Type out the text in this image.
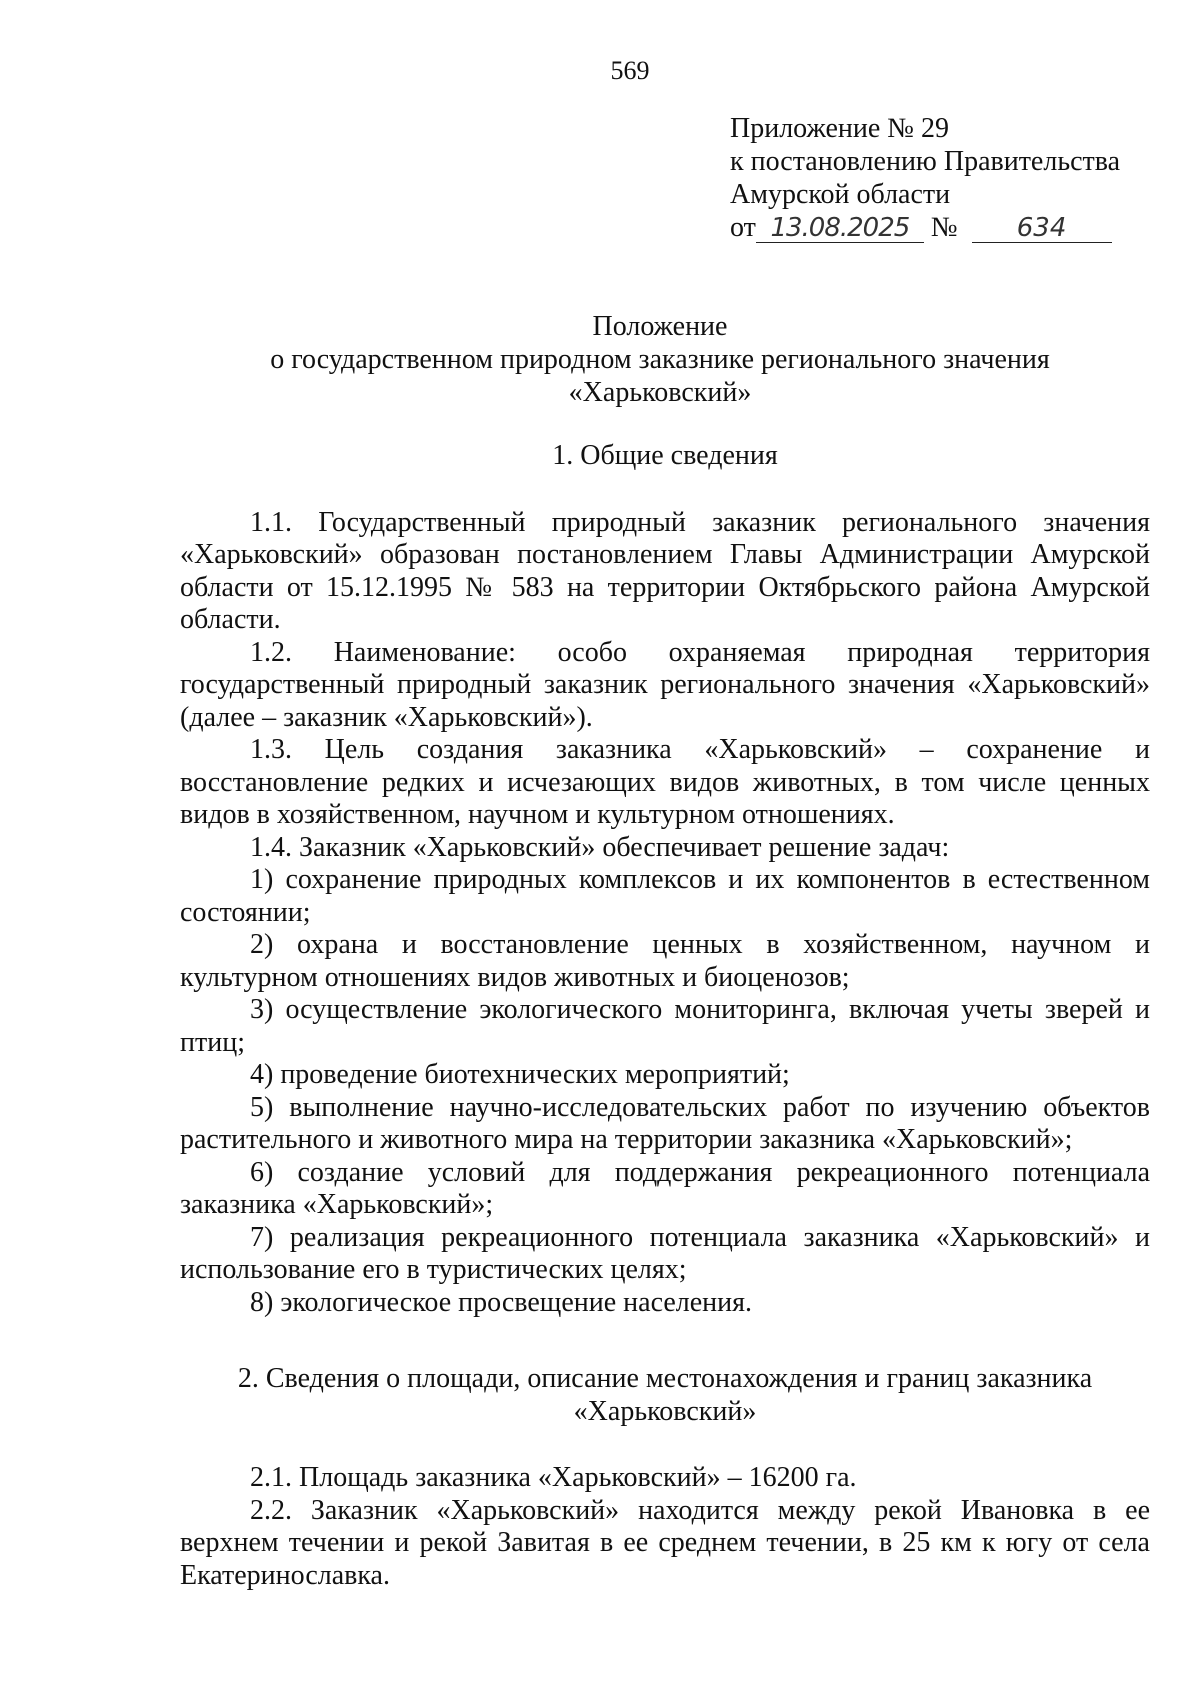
569
Приложение № 29
к постановлению Правительства
Амурской области
от 13.08.2025 № 634
Положение
о государственном природном заказнике регионального значения
«Харьковский»
1. Общие сведения

1.1. Государственный природный заказник регионального значения «Харьковский» образован постановлением Главы Администрации Амурской области от 15.12.1995 № 583 на территории Октябрьского района Амурской области.

1.2. Наименование: особо охраняемая природная территория государственный природный заказник регионального значения «Харьковский» (далее – заказник «Харьковский»).

1.3. Цель создания заказника «Харьковский» – сохранение и восстановление редких и исчезающих видов животных, в том числе ценных видов в хозяйственном, научном и культурном отношениях.

1.4. Заказник «Харьковский» обеспечивает решение задач:

1) сохранение природных комплексов и их компонентов в естественном состоянии;

2) охрана и восстановление ценных в хозяйственном, научном и культурном отношениях видов животных и биоценозов;

3) осуществление экологического мониторинга, включая учеты зверей и птиц;

4) проведение биотехнических мероприятий;

5) выполнение научно-исследовательских работ по изучению объектов растительного и животного мира на территории заказника «Харьковский»;

6) создание условий для поддержания рекреационного потенциала заказника «Харьковский»;

7) реализация рекреационного потенциала заказника «Харьковский» и использование его в туристических целях;

8) экологическое просвещение населения.

2. Сведения о площади, описание местонахождения и границ заказника
«Харьковский»

2.1. Площадь заказника «Харьковский» – 16200 га.

2.2. Заказник «Харьковский» находится между рекой Ивановка в ее верхнем течении и рекой Завитая в ее среднем течении, в 25 км к югу от села Екатеринославка.
